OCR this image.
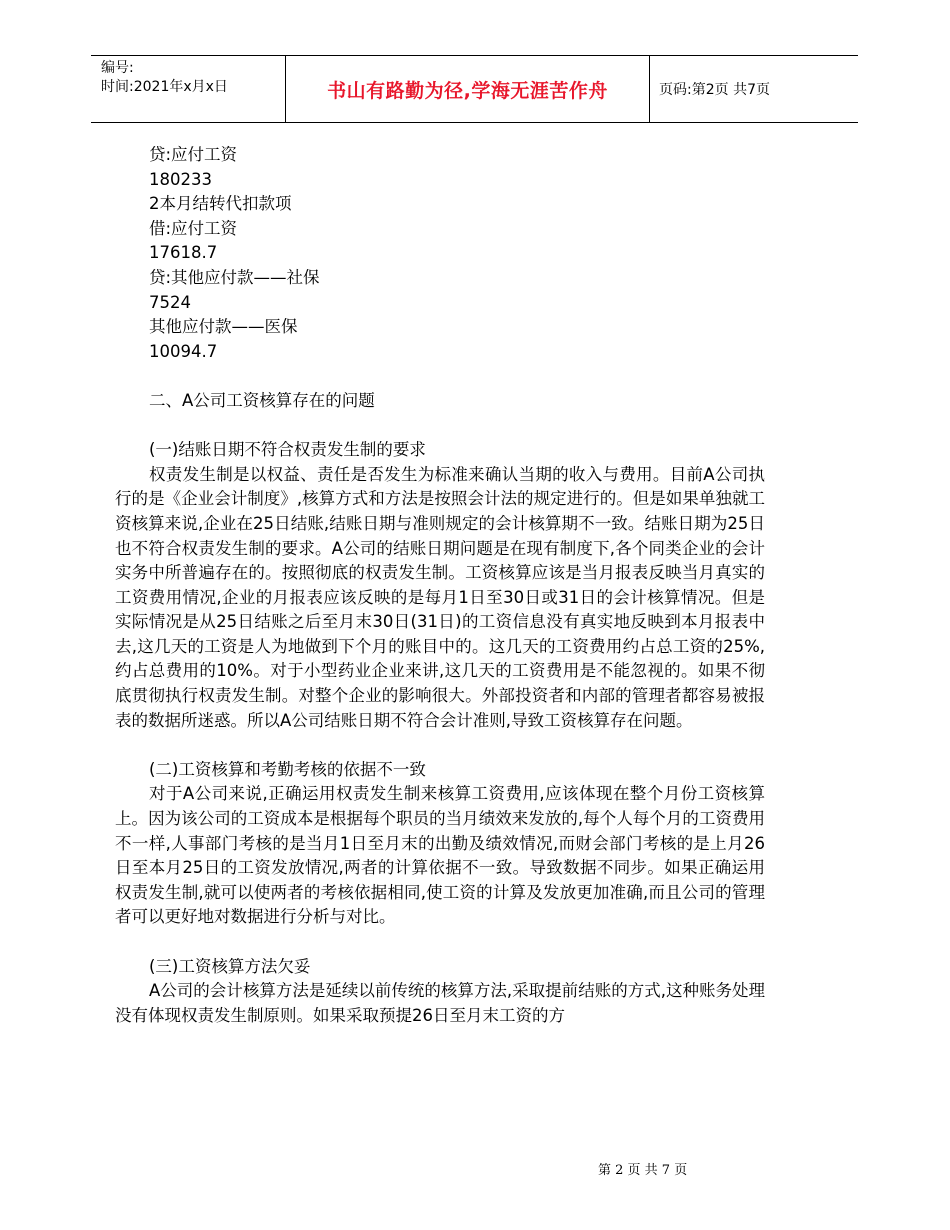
编号:
时间:2021年x月x日	书山有路勤为径,学海无涯苦作舟	页码:第2页 共7页

贷:应付工资

180233

2本月结转代扣款项

借:应付工资

17618.7

贷:其他应付款——社保

7524

其他应付款——医保

10094.7

二、A公司工资核算存在的问题

(一)结账日期不符合权责发生制的要求

权责发生制是以权益、责任是否发生为标准来确认当期的收入与费用。目前A公司执行的是《企业会计制度》,核算方式和方法是按照会计法的规定进行的。但是如果单独就工资核算来说,企业在25日结账,结账日期与准则规定的会计核算期不一致。结账日期为25日也不符合权责发生制的要求。A公司的结账日期问题是在现有制度下,各个同类企业的会计实务中所普遍存在的。按照彻底的权责发生制。工资核算应该是当月报表反映当月真实的工资费用情况,企业的月报表应该反映的是每月1日至30日或31日的会计核算情况。但是实际情况是从25日结账之后至月末30日(31日)的工资信息没有真实地反映到本月报表中去,这几天的工资是人为地做到下个月的账目中的。这几天的工资费用约占总工资的25%,约占总费用的10%。对于小型药业企业来讲,这几天的工资费用是不能忽视的。如果不彻底贯彻执行权责发生制。对整个企业的影响很大。外部投资者和内部的管理者都容易被报表的数据所迷惑。所以A公司结账日期不符合会计准则,导致工资核算存在问题。

(二)工资核算和考勤考核的依据不一致

对于A公司来说,正确运用权责发生制来核算工资费用,应该体现在整个月份工资核算上。因为该公司的工资成本是根据每个职员的当月绩效来发放的,每个人每个月的工资费用不一样,人事部门考核的是当月1日至月末的出勤及绩效情况,而财会部门考核的是上月26日至本月25日的工资发放情况,两者的计算依据不一致。导致数据不同步。如果正确运用权责发生制,就可以使两者的考核依据相同,使工资的计算及发放更加准确,而且公司的管理者可以更好地对数据进行分析与对比。

(三)工资核算方法欠妥

A公司的会计核算方法是延续以前传统的核算方法,采取提前结账的方式,这种账务处理没有体现权责发生制原则。如果采取预提26日至月末工资的方

第 2 页 共 7 页
